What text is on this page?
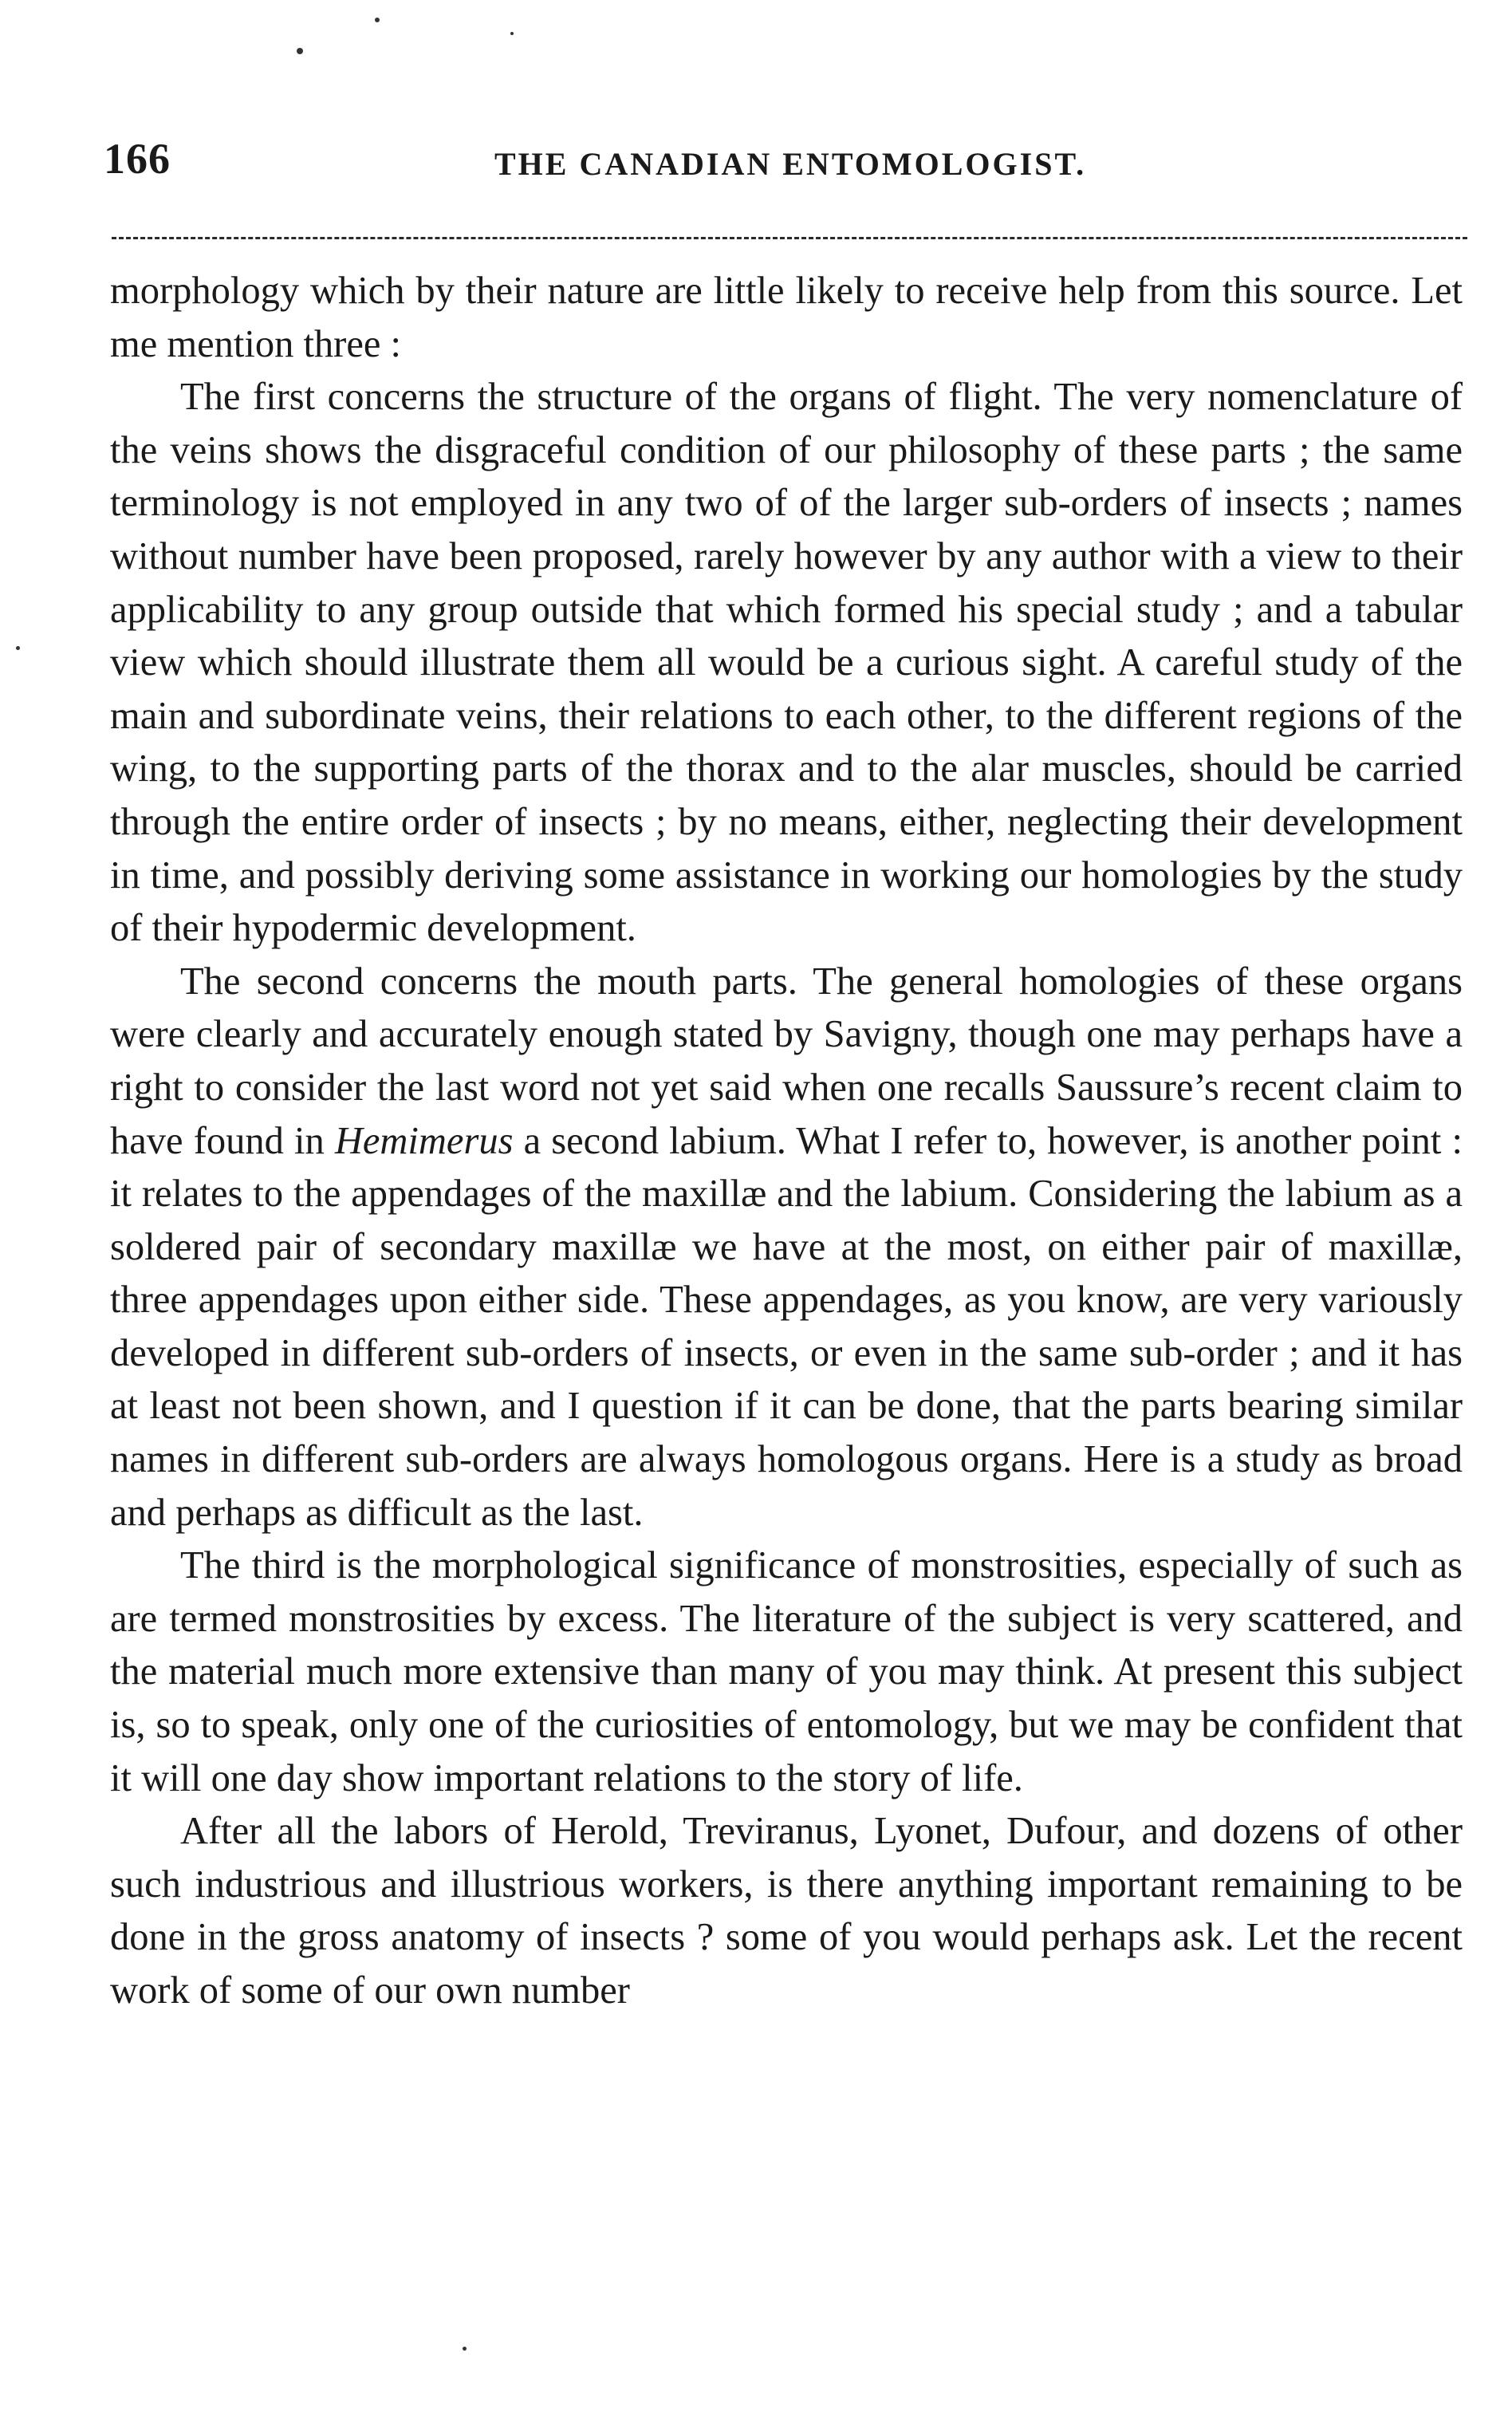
166	THE CANADIAN ENTOMOLOGIST.

morphology which by their nature are little likely to receive help from this source. Let me mention three :

The first concerns the structure of the organs of flight. The very nomenclature of the veins shows the disgraceful condition of our philosophy of these parts ; the same terminology is not employed in any two of of the larger sub-orders of insects ; names without number have been proposed, rarely however by any author with a view to their applicability to any group outside that which formed his special study ; and a tabular view which should illustrate them all would be a curious sight. A careful study of the main and subordinate veins, their relations to each other, to the different regions of the wing, to the supporting parts of the thorax and to the alar muscles, should be carried through the entire order of insects ; by no means, either, neglecting their development in time, and possibly deriving some assistance in working our homologies by the study of their hypodermic development.

The second concerns the mouth parts. The general homologies of these organs were clearly and accurately enough stated by Savigny, though one may perhaps have a right to consider the last word not yet said when one recalls Saussure’s recent claim to have found in Hemimerus a second labium. What I refer to, however, is another point : it relates to the appendages of the maxillæ and the labium. Considering the labium as a soldered pair of secondary maxillæ we have at the most, on either pair of maxillæ, three appendages upon either side. These appendages, as you know, are very variously developed in different sub-orders of insects, or even in the same sub-order ; and it has at least not been shown, and I question if it can be done, that the parts bearing similar names in different sub-orders are always homologous organs. Here is a study as broad and perhaps as difficult as the last.

The third is the morphological significance of monstrosities, especially of such as are termed monstrosities by excess. The literature of the subject is very scattered, and the material much more extensive than many of you may think. At present this subject is, so to speak, only one of the curiosities of entomology, but we may be confident that it will one day show important relations to the story of life.

After all the labors of Herold, Treviranus, Lyonet, Dufour, and dozens of other such industrious and illustrious workers, is there anything important remaining to be done in the gross anatomy of insects ? some of you would perhaps ask. Let the recent work of some of our own number
